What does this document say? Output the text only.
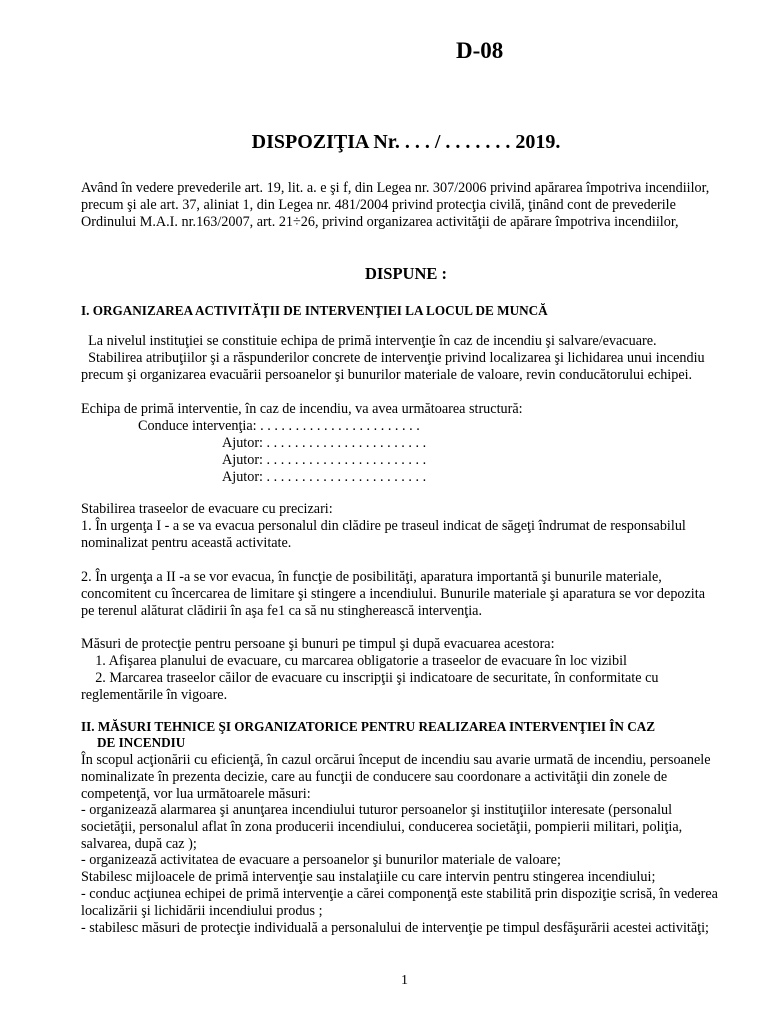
D-08
DISPOZIŢIA Nr. . . . / . . . . . . . 2019.

Avȃnd în vedere prevederile art. 19, lit. a. e şi f, din Legea nr. 307/2006 privind apărarea împotriva incendiilor, precum şi ale art. 37, aliniat 1, din Legea nr. 481/2004 privind protecţia civilă, ţinȃnd cont de prevederile Ordinului M.A.I. nr.163/2007, art. 21÷26, privind organizarea activităţii de apărare împotriva incendiilor,

DISPUNE :
I. ORGANIZAREA ACTIVITĂŢII DE INTERVENŢIEI LA LOCUL DE MUNCĂ

La nivelul instituţiei se constituie echipa de primă intervenţie în caz de incendiu şi salvare/evacuare.

Stabilirea atribuţiilor şi a răspunderilor concrete de intervenţie privind localizarea şi lichidarea unui incendiu precum şi organizarea evacuării persoanelor şi bunurilor materiale de valoare, revin conducătorului echipei.

Echipa de primă interventie, în caz de incendiu, va avea următoarea structură:

Conduce intervenţia: . . . . . . . . . . . . . . . . . . . . . . .
Ajutor: . . . . . . . . . . . . . . . . . . . . . . .
Ajutor: . . . . . . . . . . . . . . . . . . . . . . .
Ajutor: . . . . . . . . . . . . . . . . . . . . . . .

Stabilirea traseelor de evacuare cu precizari:

1. În urgenţa I - a se va evacua personalul din clădire pe traseul indicat de săgeţi îndrumat de responsabilul nominalizat pentru această activitate.

2. În urgenţa a II -a se vor evacua, în funcţie de posibilităţi, aparatura importantă şi bunurile materiale, concomitent cu încercarea de limitare şi stingere a incendiului. Bunurile materiale şi aparatura se vor depozita pe terenul alăturat clădirii în aşa fe1 ca să nu stingherească intervenţia.

Măsuri de protecţie pentru persoane şi bunuri pe timpul şi după evacuarea acestora:

1. Afişarea planului de evacuare, cu marcarea obligatorie a traseelor de evacuare în loc vizibil

2. Marcarea traseelor căilor de evacuare cu inscripţii şi indicatoare de securitate, în conformitate cu reglementările în vigoare.

II. MĂSURI TEHNICE ŞI ORGANIZATORICE PENTRU REALIZAREA INTERVENŢIEI ÎN CAZ
DE INCENDIU

În scopul acţionării cu eficienţă, în cazul orcărui început de incendiu sau avarie urmată de incendiu, persoanele nominalizate în prezenta decizie, care au funcţii de conducere sau coordonare a activităţii din zonele de competenţă, vor lua următoarele măsuri:

- organizează alarmarea şi anunţarea incendiului tuturor persoanelor şi instituţiilor interesate (personalul societăţii, personalul aflat în zona producerii incendiului, conducerea societăţii, pompierii militari, poliţia, salvarea, după caz );

- organizează activitatea de evacuare a persoanelor şi bunurilor materiale de valoare;

Stabilesc mijloacele de primă intervenţie sau instalaţiile cu care intervin pentru stingerea incendiului;

- conduc acţiunea echipei de primă intervenţie a cărei componenţă este stabilită prin dispoziţie scrisă, în vederea localizării şi lichidării incendiului produs ;

- stabilesc măsuri de protecţie individuală a personalului de intervenţie pe timpul desfăşurării acestei activităţi;

1
